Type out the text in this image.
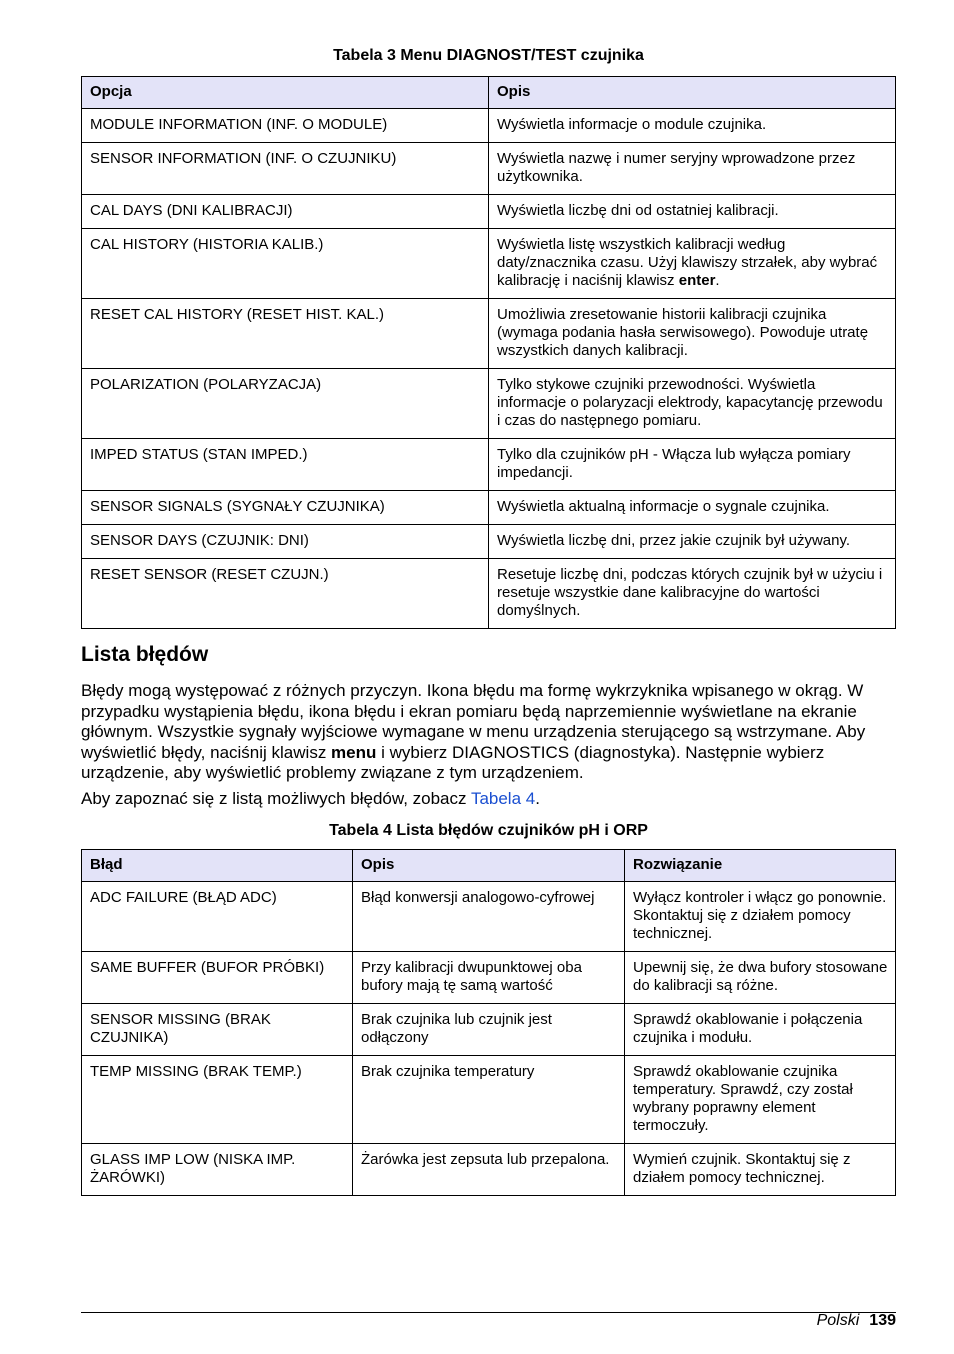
Tabela 3 Menu DIAGNOST/TEST czujnika
Opcja	Opis
MODULE INFORMATION (INF. O MODULE)	Wyświetla informacje o module czujnika.
SENSOR INFORMATION (INF. O CZUJNIKU)	Wyświetla nazwę i numer seryjny wprowadzone przez użytkownika.
CAL DAYS (DNI KALIBRACJI)	Wyświetla liczbę dni od ostatniej kalibracji.
CAL HISTORY (HISTORIA KALIB.)	Wyświetla listę wszystkich kalibracji według daty/znacznika czasu. Użyj klawiszy strzałek, aby wybrać kalibrację i naciśnij klawisz enter.
RESET CAL HISTORY (RESET HIST. KAL.)	Umożliwia zresetowanie historii kalibracji czujnika (wymaga podania hasła serwisowego). Powoduje utratę wszystkich danych kalibracji.
POLARIZATION (POLARYZACJA)	Tylko stykowe czujniki przewodności. Wyświetla informacje o polaryzacji elektrody, kapacytancję przewodu i czas do następnego pomiaru.
IMPED STATUS (STAN IMPED.)	Tylko dla czujników pH - Włącza lub wyłącza pomiary impedancji.
SENSOR SIGNALS (SYGNAŁY CZUJNIKA)	Wyświetla aktualną informacje o sygnale czujnika.
SENSOR DAYS (CZUJNIK: DNI)	Wyświetla liczbę dni, przez jakie czujnik był używany.
RESET SENSOR (RESET CZUJN.)	Resetuje liczbę dni, podczas których czujnik był w użyciu i resetuje wszystkie dane kalibracyjne do wartości domyślnych.
Lista błędów
Błędy mogą występować z różnych przyczyn. Ikona błędu ma formę wykrzyknika wpisanego w okrąg. W przypadku wystąpienia błędu, ikona błędu i ekran pomiaru będą naprzemiennie wyświetlane na ekranie głównym. Wszystkie sygnały wyjściowe wymagane w menu urządzenia sterującego są wstrzymane. Aby wyświetlić błędy, naciśnij klawisz menu i wybierz DIAGNOSTICS (diagnostyka). Następnie wybierz urządzenie, aby wyświetlić problemy związane z tym urządzeniem.
Aby zapoznać się z listą możliwych błędów, zobacz Tabela 4.
Tabela 4 Lista błędów czujników pH i ORP
Błąd	Opis	Rozwiązanie
ADC FAILURE (BŁĄD ADC)	Błąd konwersji analogowo-cyfrowej	Wyłącz kontroler i włącz go ponownie. Skontaktuj się z działem pomocy technicznej.
SAME BUFFER (BUFOR PRÓBKI)	Przy kalibracji dwupunktowej oba bufory mają tę samą wartość	Upewnij się, że dwa bufory stosowane do kalibracji są różne.
SENSOR MISSING (BRAK CZUJNIKA)	Brak czujnika lub czujnik jest odłączony	Sprawdź okablowanie i połączenia czujnika i modułu.
TEMP MISSING (BRAK TEMP.)	Brak czujnika temperatury	Sprawdź okablowanie czujnika temperatury. Sprawdź, czy został wybrany poprawny element termoczuły.
GLASS IMP LOW (NISKA IMP. ŻARÓWKI)	Żarówka jest zepsuta lub przepalona.	Wymień czujnik. Skontaktuj się z działem pomocy technicznej.
Polski 139
